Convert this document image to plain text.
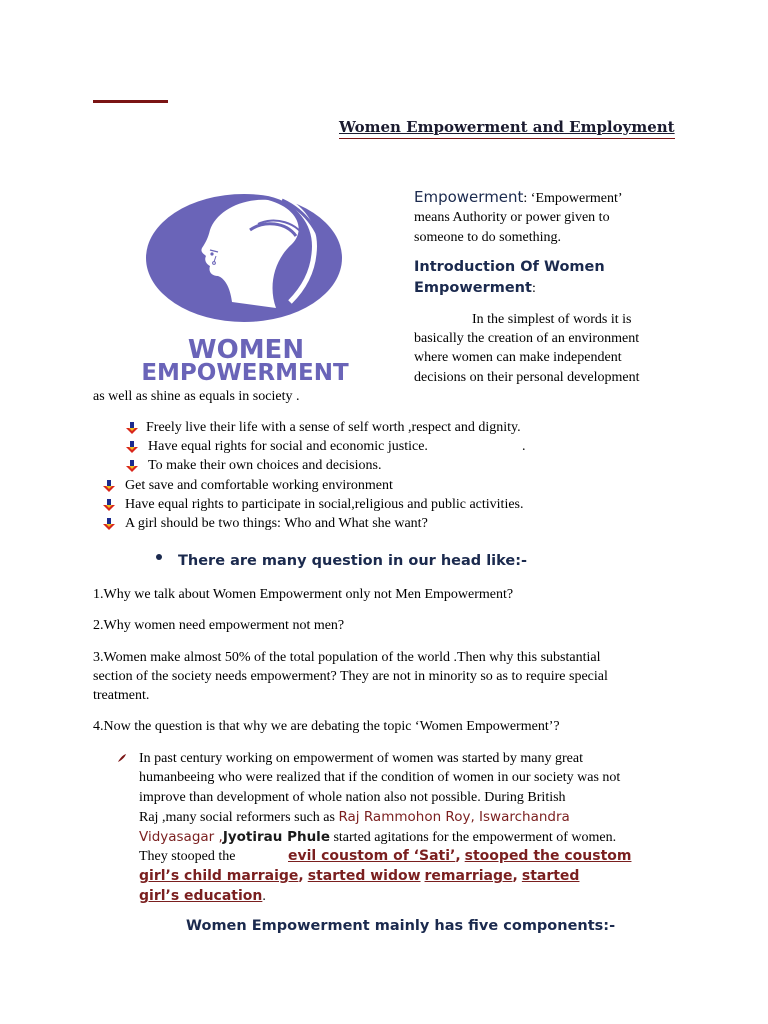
Women Empowerment and Employment
WOMEN
EMPOWERMENT
Empowerment: ‘Empowerment’
means Authority or power given to
someone to do something.
Introduction Of Women
Empowerment:
In the simplest of words it is
basically the creation of an environment
where women can make independent
decisions on their personal development
as well as shine as equals in society .
Freely live their life with a sense of self worth ,respect and dignity.
Have equal rights for social and economic justice.	.
To make their own choices and decisions.
Get save and comfortable working environment
Have equal rights to participate in social,religious and public activities.
A girl should be two things: Who and What she want?
There are many question in our head like:-
1.Why we talk about Women Empowerment only not Men Empowerment?
2.Why women need empowerment not men?
3.Women make almost 50% of the total population of the world .Then why this substantial
section of the society needs empowerment? They are not in minority so as to require special
treatment.
4.Now the question is that why we are debating the topic ‘Women Empowerment’?
In past century working on empowerment of women was started by many great
humanbeeing who were realized that if the condition of women in our society was not
improve than development of whole nation also not possible. During British
Raj ,many social reformers such as Raj Rammohon Roy, Iswarchandra
Vidyasagar ,Jyotirau Phule started agitations for the empowerment of women.
They stooped the	evil coustom of ‘Sati’, stooped the coustom
girl’s child marraige, started widow remarriage, started
girl’s education.
Women Empowerment mainly has five components:-
